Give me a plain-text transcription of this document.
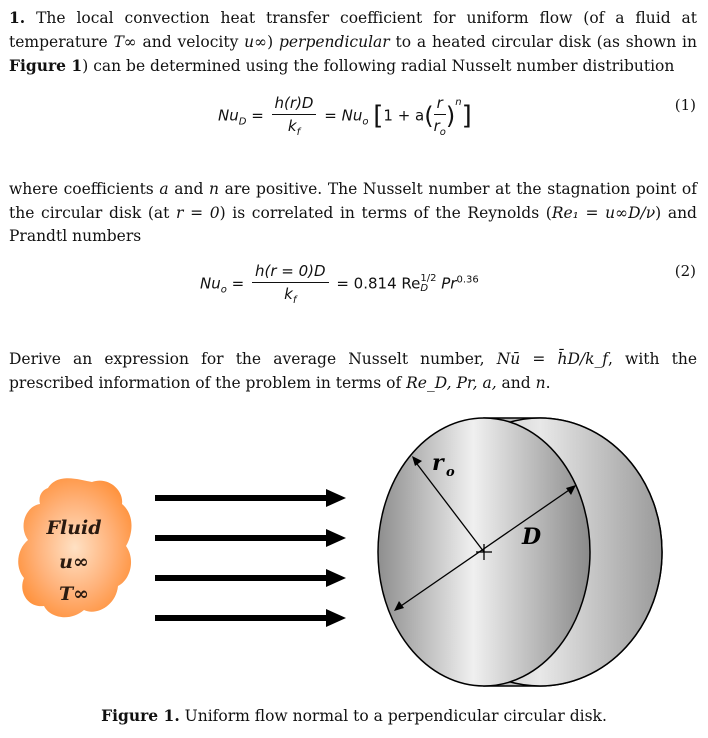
1. The local convection heat transfer coefficient for uniform flow (of a fluid at temperature T∞ and velocity u∞) perpendicular to a heated circular disk (as shown in Figure 1) can be determined using the following radial Nusselt number distribution
$Nu_D = \frac{h(r)D}{k_f} = Nu_o$ $[1 + a( \frac{r}{r_o} )^n]$	(1)
where coefficients a and n are positive. The Nusselt number at the stagnation point of the circular disk (at r = 0) is correlated in terms of the Reynolds (Re₁ = u∞D/ν) and Prandtl numbers
$Nu_o = \frac{h(r = 0)D}{k_f} = 0.814$ Re 1/2
D $Pr^{0.36}$	(2)
Derive an expression for the average Nusselt number, Nū = h̄D/k_f, with the prescribed information of the problem in terms of Re_D, Pr, a, and n.
Fluid
u∞
T∞
r o
D
Figure 1. Uniform flow normal to a perpendicular circular disk.
